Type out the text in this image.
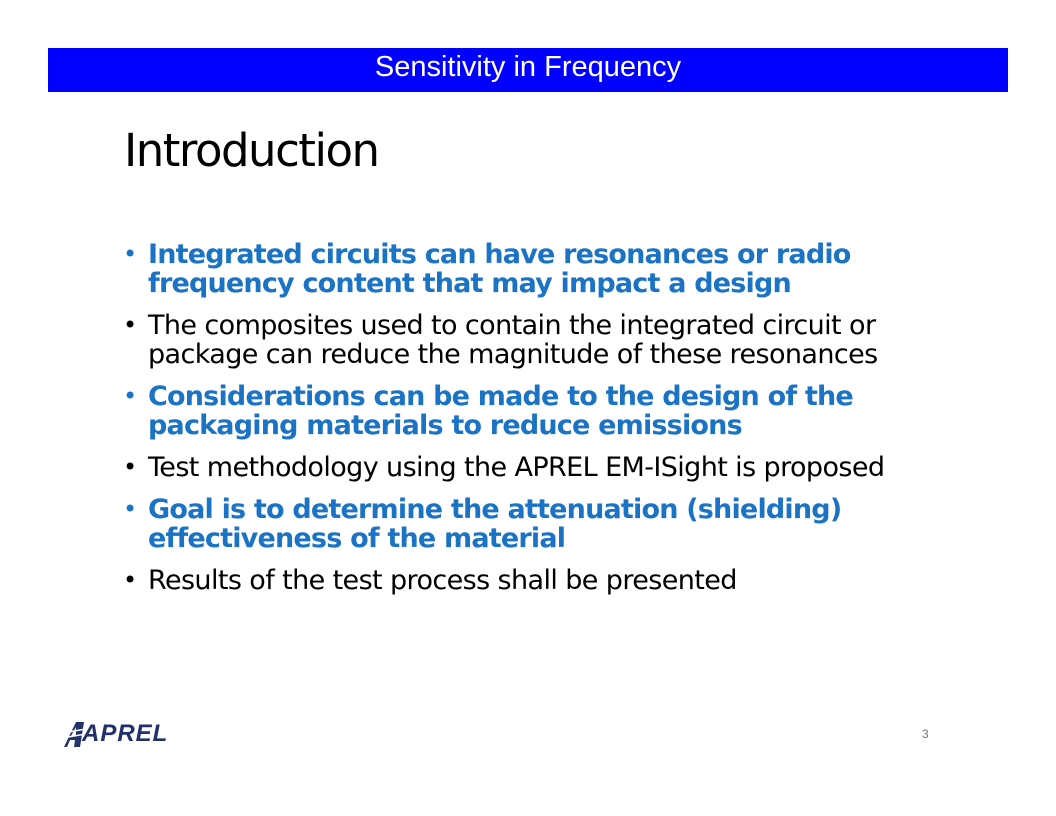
Sensitivity in Frequency
Introduction
• Integrated circuits can have resonances or radio frequency content that may impact a design
• The composites used to contain the integrated circuit or package can reduce the magnitude of these resonances
• Considerations can be made to the design of the packaging materials to reduce emissions
• Test methodology using the APREL EM-ISight is proposed
• Goal is to determine the attenuation (shielding) effectiveness of the material
• Results of the test process shall be presented
APREL	3
